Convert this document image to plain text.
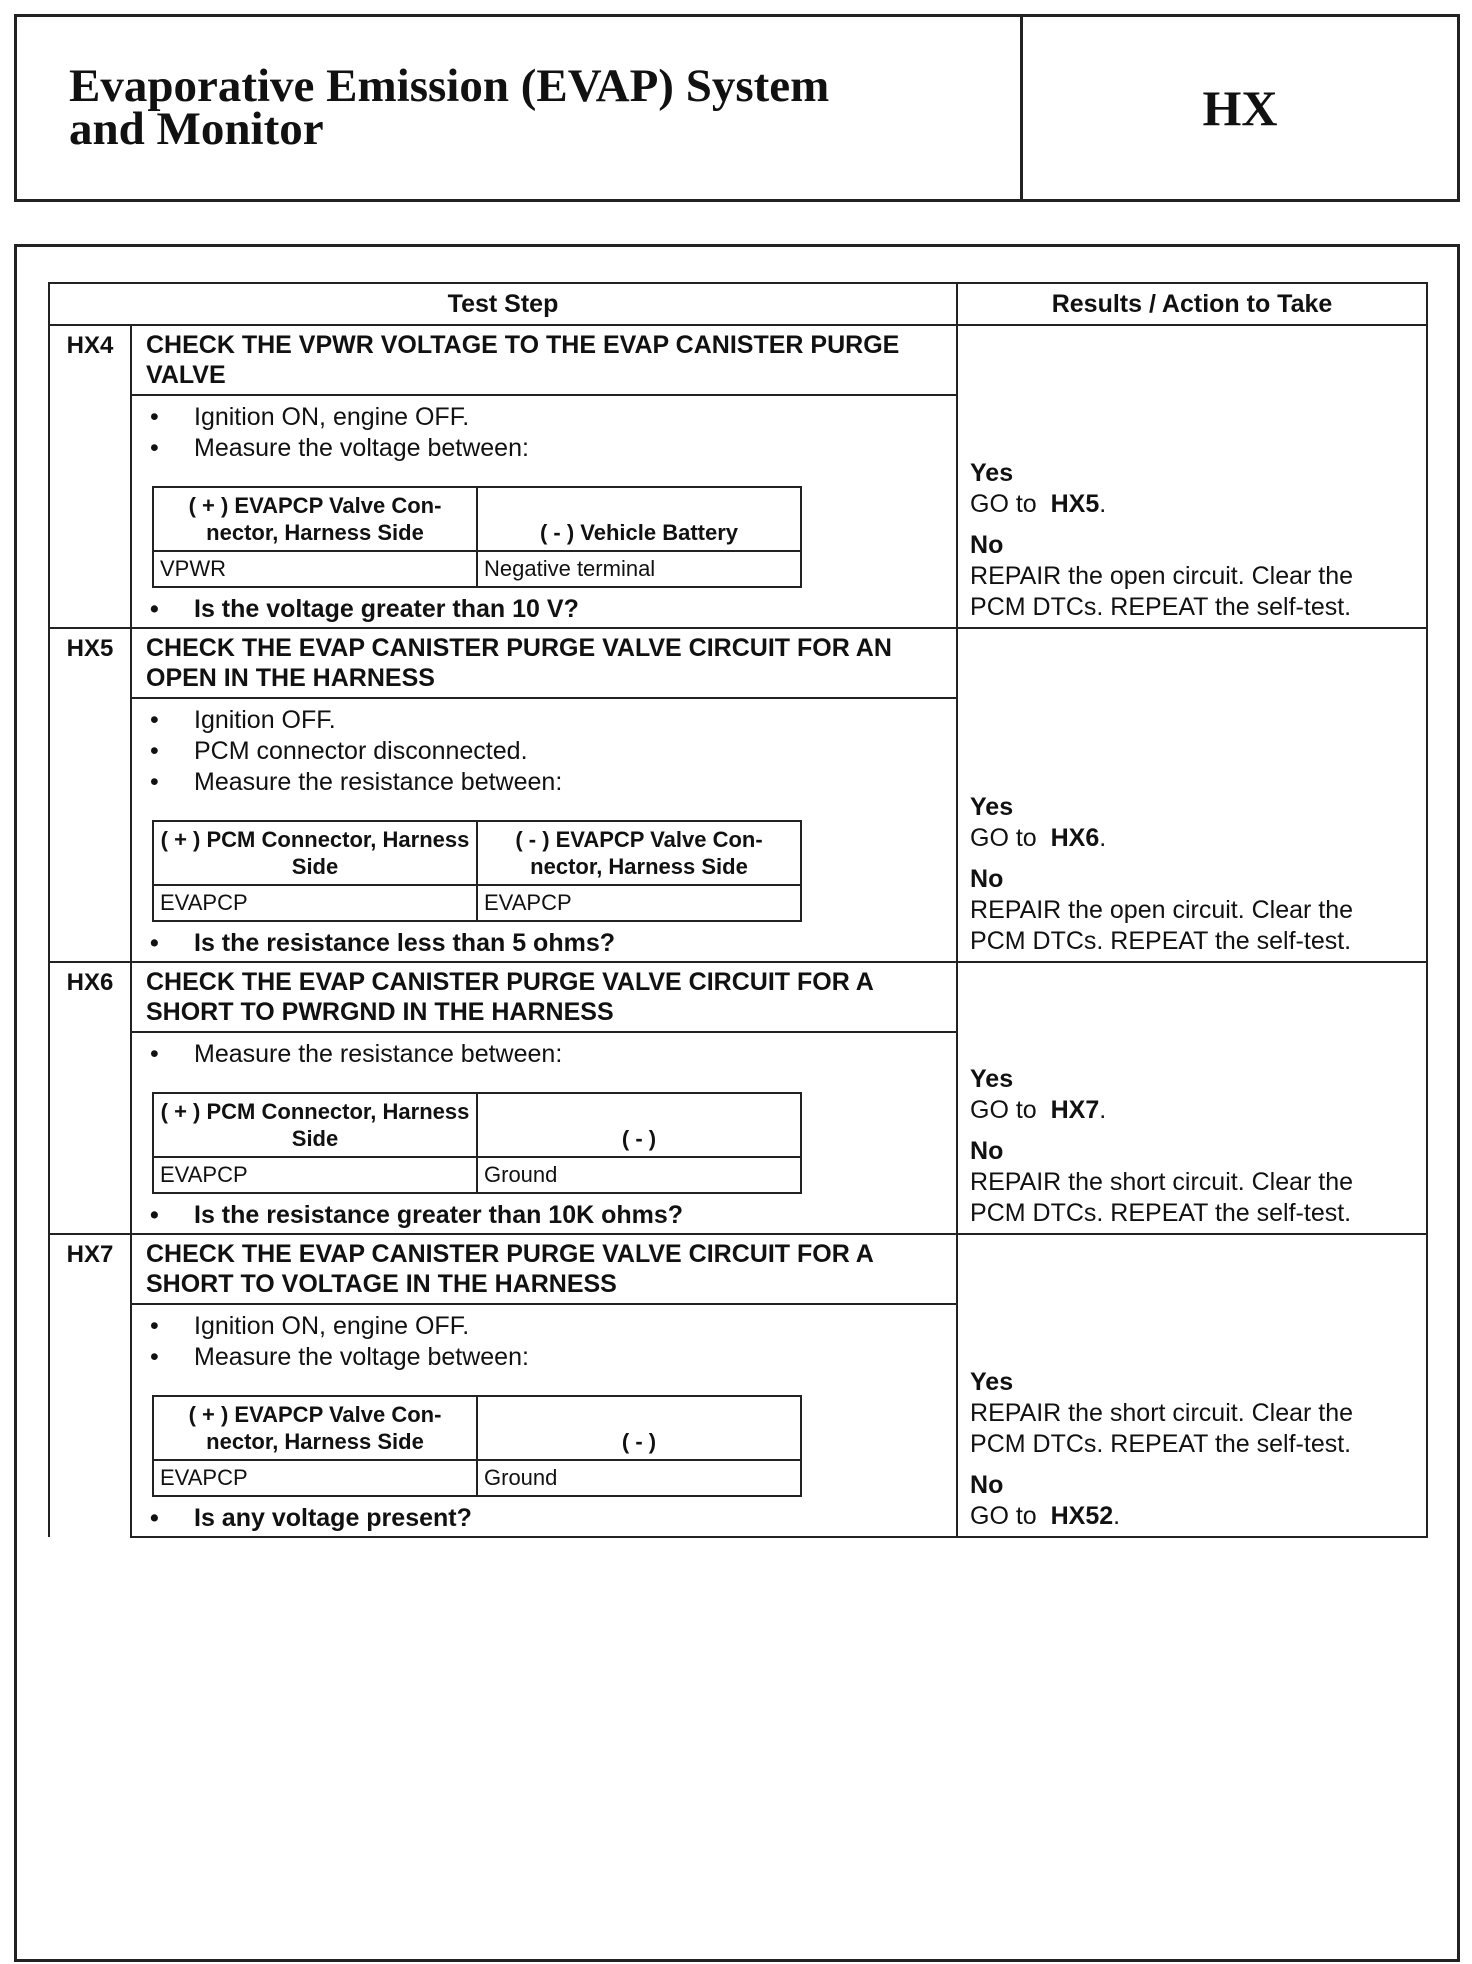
Evaporative Emission (EVAP) System
and Monitor	HX
Test Step	Results / Action to Take
HX4	CHECK THE VPWR VOLTAGE TO THE EVAP CANISTER PURGE VALVE	
Yes
GO to HX5.
No
REPAIR the open circuit. Clear the PCM DTCs. REPEAT the self-test.

•	Ignition ON, engine OFF.
•	Measure the voltage between:
( + ) EVAPCP Valve Con-nector, Harness Side	( - ) Vehicle Battery
VPWR	Negative terminal
•	Is the voltage greater than 10 V?

HX5	CHECK THE EVAP CANISTER PURGE VALVE CIRCUIT FOR AN OPEN IN THE HARNESS	
Yes
GO to HX6.
No
REPAIR the open circuit. Clear the PCM DTCs. REPEAT the self-test.

•	Ignition OFF.
•	PCM connector disconnected.
•	Measure the resistance between:
( + ) PCM Connector, Harness Side	( - ) EVAPCP Valve Con-nector, Harness Side
EVAPCP	EVAPCP
•	Is the resistance less than 5 ohms?

HX6	CHECK THE EVAP CANISTER PURGE VALVE CIRCUIT FOR A SHORT TO PWRGND IN THE HARNESS	
Yes
GO to HX7.
No
REPAIR the short circuit. Clear the PCM DTCs. REPEAT the self-test.

•	Measure the resistance between:
( + ) PCM Connector, Harness Side	( - )
EVAPCP	Ground
•	Is the resistance greater than 10K ohms?

HX7	CHECK THE EVAP CANISTER PURGE VALVE CIRCUIT FOR A SHORT TO VOLTAGE IN THE HARNESS	
Yes
REPAIR the short circuit. Clear the PCM DTCs. REPEAT the self-test.
No
GO to HX52.

•	Ignition ON, engine OFF.
•	Measure the voltage between:
( + ) EVAPCP Valve Con-nector, Harness Side	( - )
EVAPCP	Ground
•	Is any voltage present?
